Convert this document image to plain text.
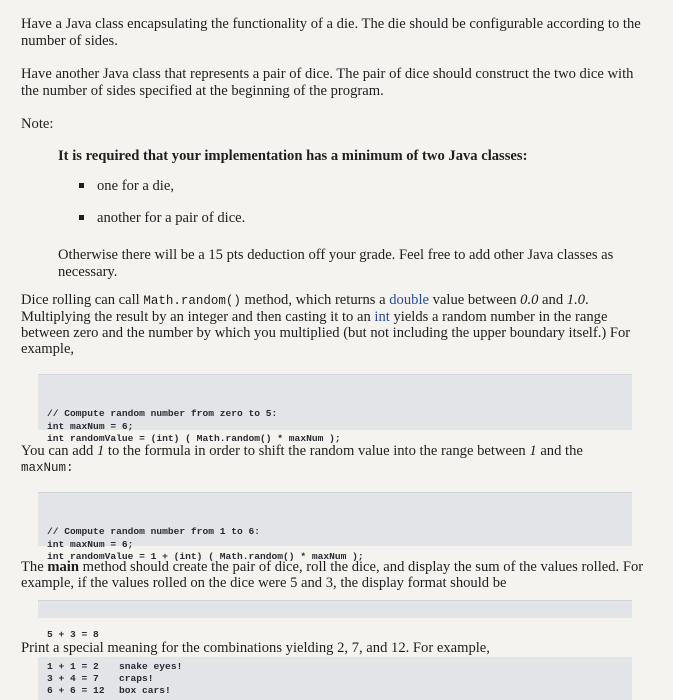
Have a Java class encapsulating the functionality of a die. The die should be configurable according to the number of sides.

Have another Java class that represents a pair of dice. The pair of dice should construct the two dice with the number of sides specified at the beginning of the program.

Note:

It is required that your implementation has a minimum of two Java classes:

one for a die,
another for a pair of dice.

Otherwise there will be a 15 pts deduction off your grade. Feel free to add other Java classes as necessary.

Dice rolling can call Math.random() method, which returns a double value between 0.0 and 1.0. Multiplying the result by an integer and then casting it to an int yields a random number in the range between zero and the number by which you multiplied (but not including the upper boundary itself.) For example,

// Compute random number from zero to 5:
int maxNum = 6;
int randomValue = (int) ( Math.random() * maxNum );

You can add 1 to the formula in order to shift the random value into the range between 1 and the
maxNum:

// Compute random number from 1 to 6:
int maxNum = 6;
int randomValue = 1 + (int) ( Math.random() * maxNum );

The main method should create the pair of dice, roll the dice, and display the sum of the values rolled. For example, if the values rolled on the dice were 5 and 3, the display format should be

5 + 3 = 8

Print a special meaning for the combinations yielding 2, 7, and 12. For example,

1 + 1 = 2 snake eyes!
3 + 4 = 7 craps!
6 + 6 = 12 box cars!
